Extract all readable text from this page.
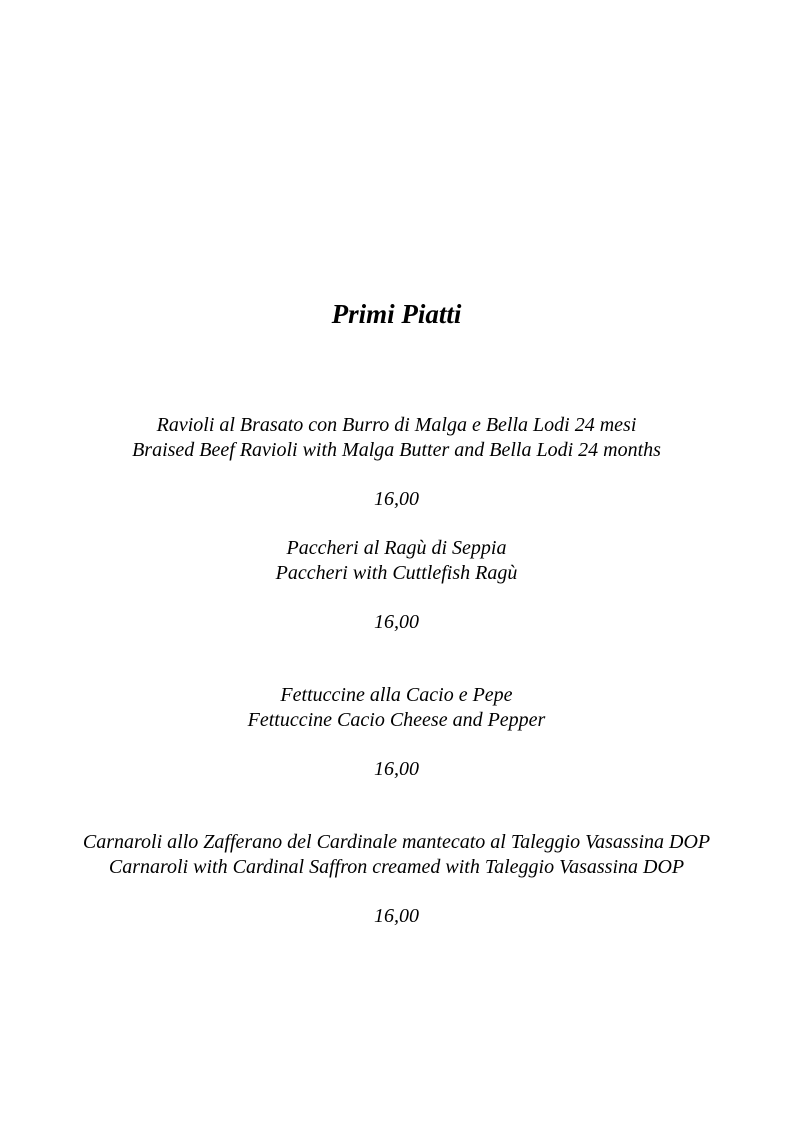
Primi Piatti
Ravioli al Brasato con Burro di Malga e Bella Lodi 24 mesi
Braised Beef Ravioli with Malga Butter and Bella Lodi 24 months
16,00
Paccheri al Ragù di Seppia
Paccheri with Cuttlefish Ragù
16,00
Fettuccine alla Cacio e Pepe
Fettuccine Cacio Cheese and Pepper
16,00
Carnaroli allo Zafferano del Cardinale mantecato al Taleggio Vasassina DOP
Carnaroli with Cardinal Saffron creamed with Taleggio Vasassina DOP
16,00
